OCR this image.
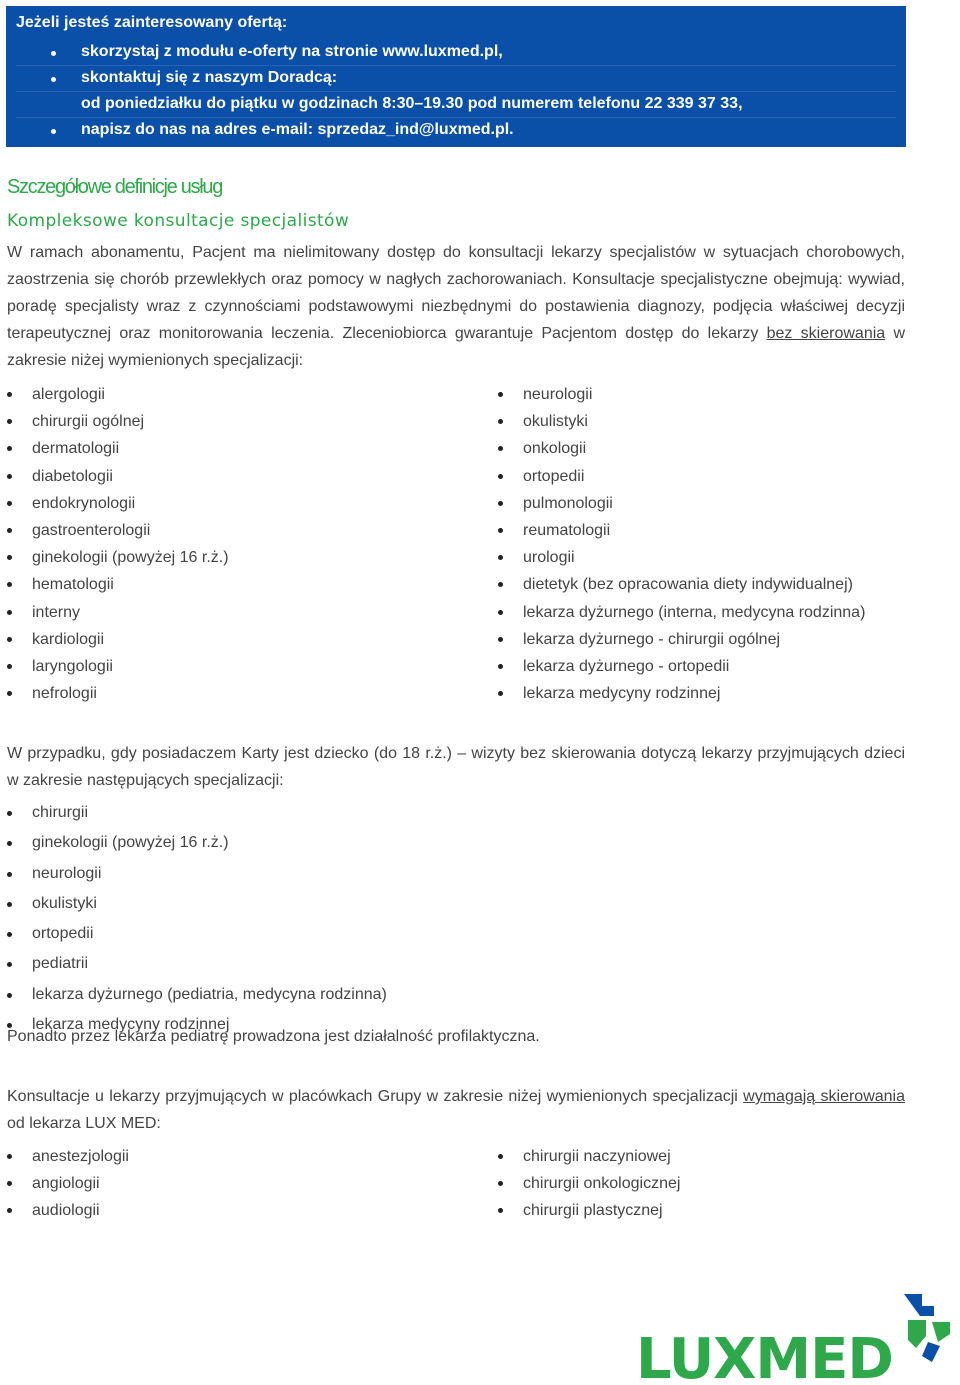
Jeżeli jesteś zainteresowany ofertą:
skorzystaj z modułu e-oferty na stronie www.luxmed.pl,
skontaktuj się z naszym Doradcą:
od poniedziałku do piątku w godzinach 8:30–19.30 pod numerem telefonu 22 339 37 33,
napisz do nas na adres e-mail: sprzedaz_ind@luxmed.pl.
Szczegółowe definicje usług
Kompleksowe konsultacje specjalistów
W ramach abonamentu, Pacjent ma nielimitowany dostęp do konsultacji lekarzy specjalistów w sytuacjach chorobowych, zaostrzenia się chorób przewlekłych oraz pomocy w nagłych zachorowaniach. Konsultacje specjalistyczne obejmują: wywiad, poradę specjalisty wraz z czynnościami podstawowymi niezbędnymi do postawienia diagnozy, podjęcia właściwej decyzji terapeutycznej oraz monitorowania leczenia. Zleceniobiorca gwarantuje Pacjentom dostęp do lekarzy bez skierowania w zakresie niżej wymienionych specjalizacji:
alergologii
chirurgii ogólnej
dermatologii
diabetologii
endokrynologii
gastroenterologii
ginekologii (powyżej 16 r.ż.)
hematologii
interny
kardiologii
laryngologii
nefrologii
neurologii
okulistyki
onkologii
ortopedii
pulmonologii
reumatologii
urologii
dietetyk (bez opracowania diety indywidualnej)
lekarza dyżurnego (interna, medycyna rodzinna)
lekarza dyżurnego - chirurgii ogólnej
lekarza dyżurnego - ortopedii
lekarza medycyny rodzinnej
W przypadku, gdy posiadaczem Karty jest dziecko (do 18 r.ż.) – wizyty bez skierowania dotyczą lekarzy przyjmujących dzieci w zakresie następujących specjalizacji:
chirurgii
ginekologii (powyżej 16 r.ż.)
neurologii
okulistyki
ortopedii
pediatrii
lekarza dyżurnego (pediatria, medycyna rodzinna)
lekarza medycyny rodzinnej
Ponadto przez lekarza pediatrę prowadzona jest działalność profilaktyczna.
Konsultacje u lekarzy przyjmujących w placówkach Grupy w zakresie niżej wymienionych specjalizacji wymagają skierowania od lekarza LUX MED:
anestezjologii
angiologii
audiologii
chirurgii naczyniowej
chirurgii onkologicznej
chirurgii plastycznej
LUXMED
